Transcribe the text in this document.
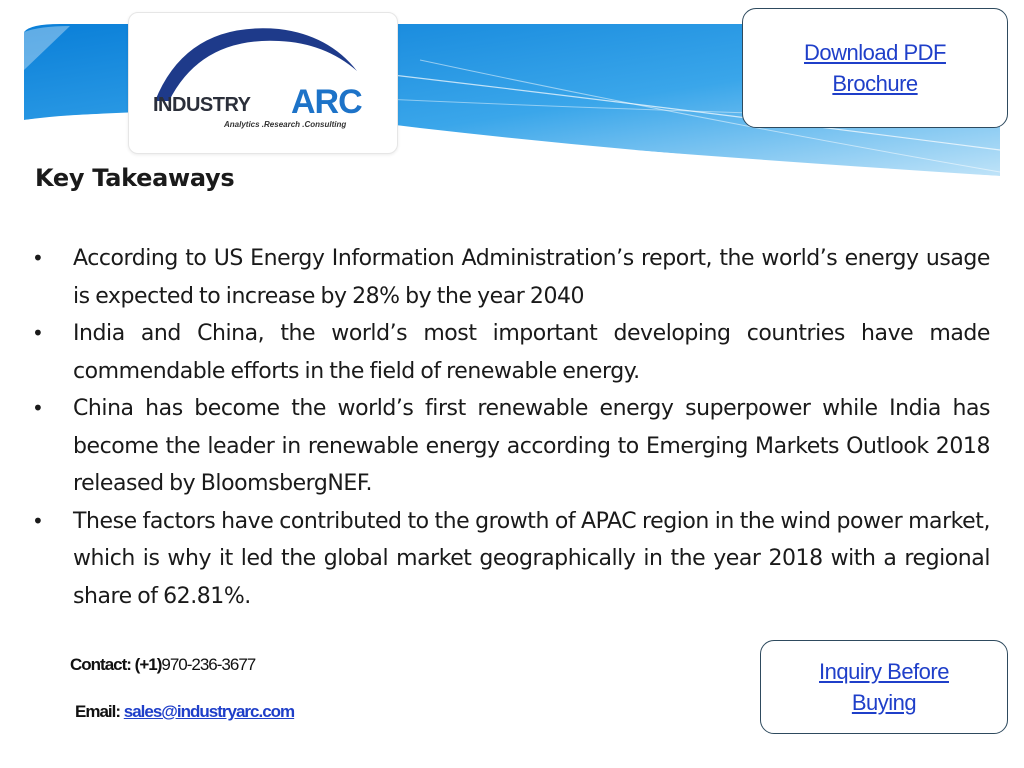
INDUSTRY ARC
Analytics .Research .Consulting
Download PDF
Brochure
Key Takeaways
• According to US Energy Information Administration’s report, the world’s energy usage is expected to increase by 28% by the year 2040
• India and China, the world’s most important developing countries have made commendable efforts in the field of renewable energy.
• China has become the world’s first renewable energy superpower while India has become the leader in renewable energy according to Emerging Markets Outlook 2018 released by BloomsbergNEF.
• These factors have contributed to the growth of APAC region in the wind power market, which is why it led the global market geographically in the year 2018 with a regional share of 62.81%.
Contact: (+1)970-236-3677
Email: sales@industryarc.com
Inquiry Before
Buying
